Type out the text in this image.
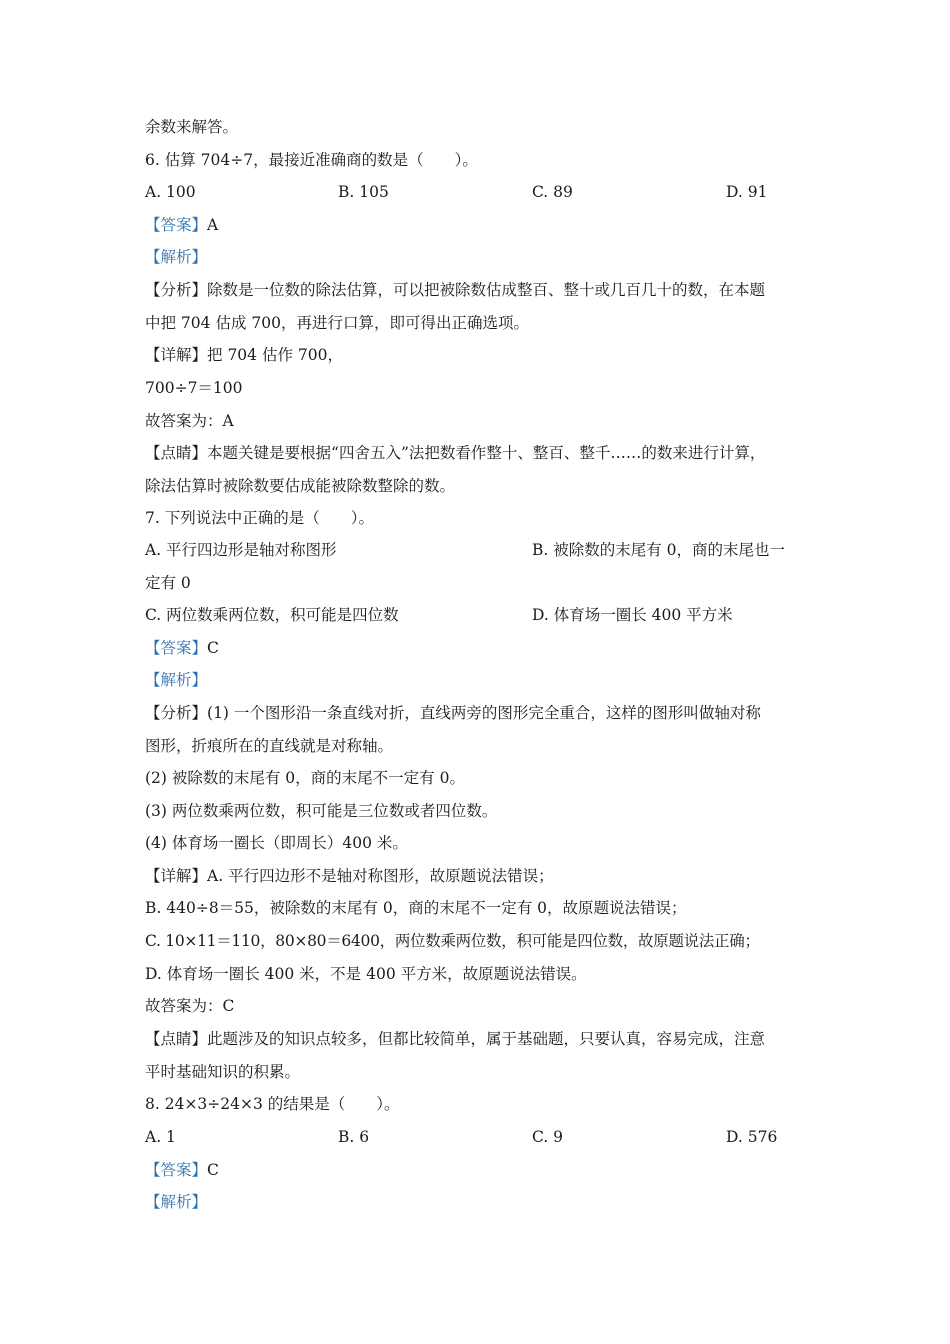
余数来解答。
6. 估算 704÷7，最接近准确商的数是（　　）。
A. 100	B. 105	C. 89	D. 91
【答案】A
【解析】
【分析】除数是一位数的除法估算，可以把被除数估成整百、整十或几百几十的数，在本题
中把 704 估成 700，再进行口算，即可得出正确选项。
【详解】把 704 估作 700，
700÷7＝100
故答案为：A
【点睛】本题关键是要根据“四舍五入”法把数看作整十、整百、整千……的数来进行计算，
除法估算时被除数要估成能被除数整除的数。
7. 下列说法中正确的是（　　）。
A. 平行四边形是轴对称图形	B. 被除数的末尾有 0，商的末尾也一
定有 0
C. 两位数乘两位数，积可能是四位数	D. 体育场一圈长 400 平方米
【答案】C
【解析】
【分析】(1) 一个图形沿一条直线对折，直线两旁的图形完全重合，这样的图形叫做轴对称
图形，折痕所在的直线就是对称轴。
(2) 被除数的末尾有 0，商的末尾不一定有 0。
(3) 两位数乘两位数，积可能是三位数或者四位数。
(4) 体育场一圈长（即周长）400 米。
【详解】A. 平行四边形不是轴对称图形，故原题说法错误；
B. 440÷8＝55，被除数的末尾有 0，商的末尾不一定有 0，故原题说法错误；
C. 10×11＝110，80×80＝6400，两位数乘两位数，积可能是四位数，故原题说法正确；
D. 体育场一圈长 400 米，不是 400 平方米，故原题说法错误。
故答案为：C
【点睛】此题涉及的知识点较多，但都比较简单，属于基础题，只要认真，容易完成，注意
平时基础知识的积累。
8. 24×3÷24×3 的结果是（　　）。
A. 1	B. 6	C. 9	D. 576
【答案】C
【解析】
